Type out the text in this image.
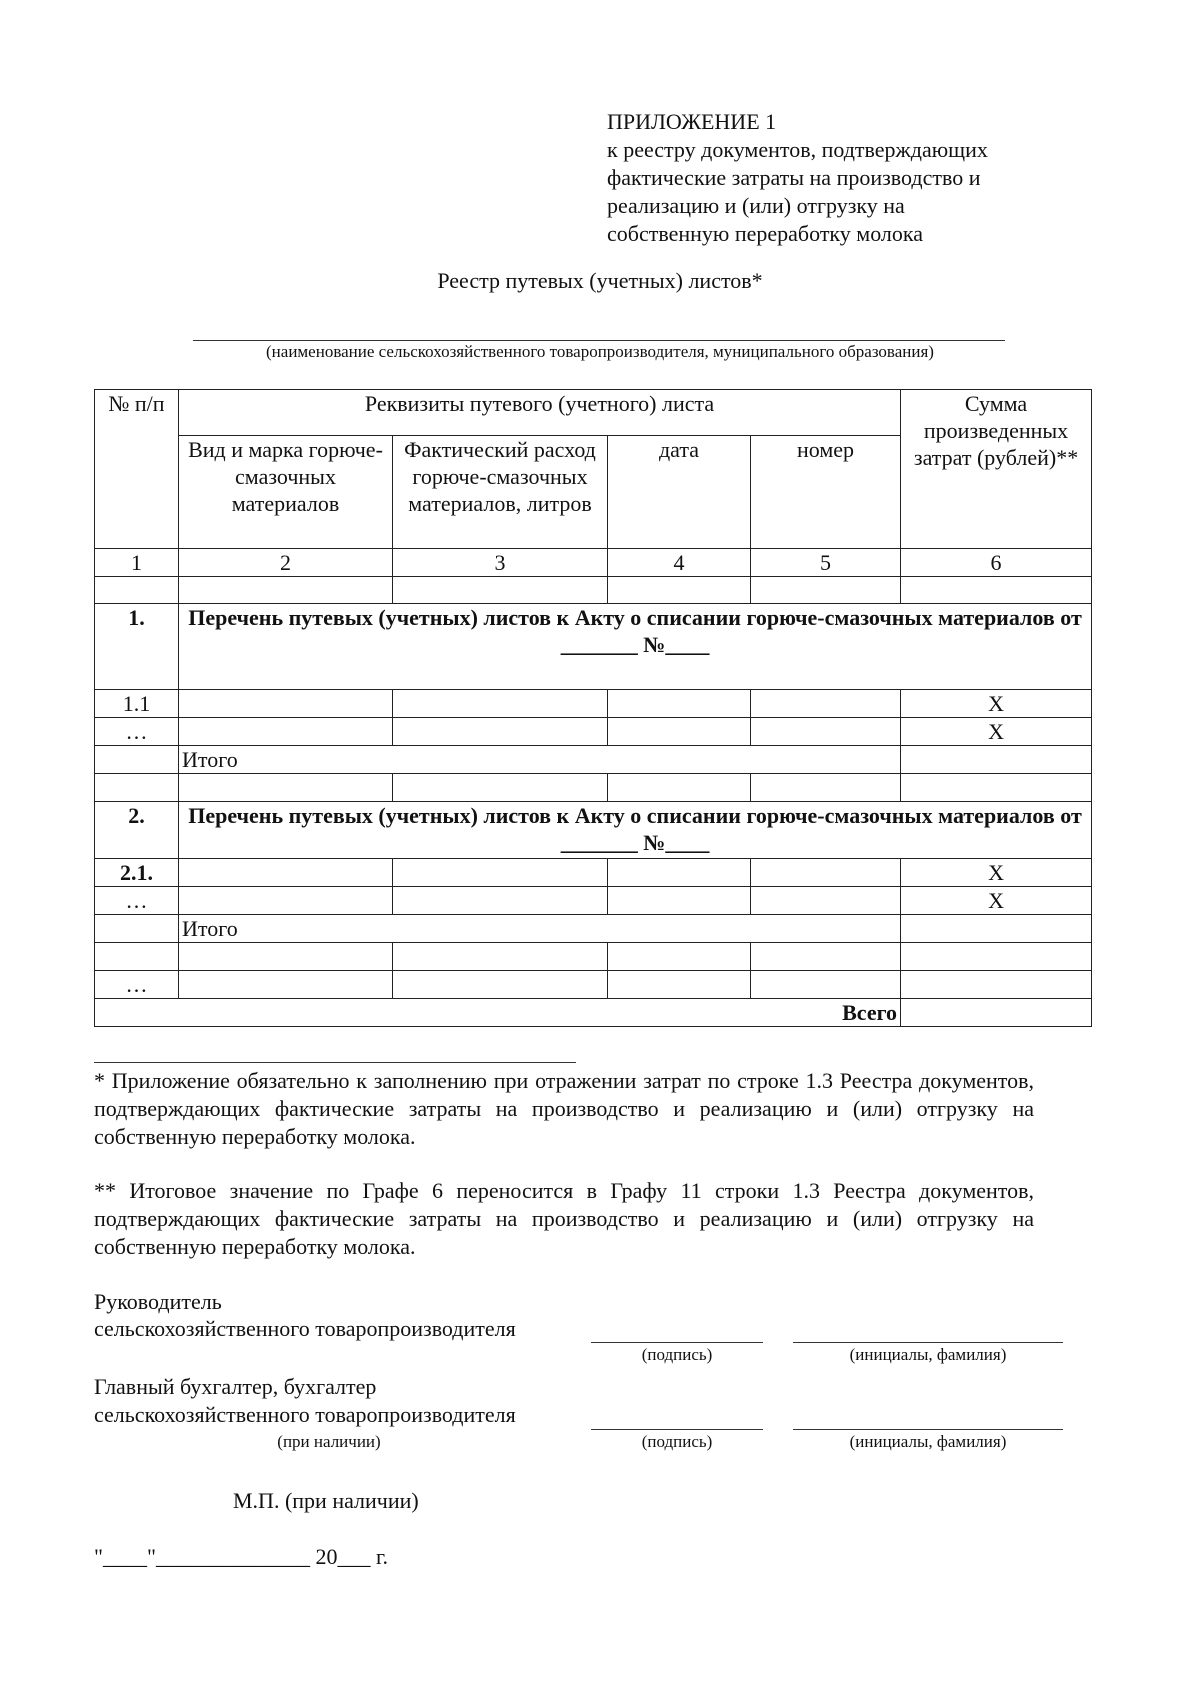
ПРИЛОЖЕНИЕ 1
к реестру документов, подтверждающих
фактические затраты на производство и
реализацию и (или) отгрузку на
собственную переработку молока
Реестр путевых (учетных) листов*
(наименование сельскохозяйственного товаропроизводителя, муниципального образования)
№ п/п	Реквизиты путевого (учетного) листа				Сумма произведенных затрат (рублей)**
	Вид и марка горюче-смазочных материалов	Фактический расход горюче-смазочных материалов, литров	дата	номер	
1	2	3	4	5	6

1.	Перечень путевых (учетных) листов к Акту о списании горюче-смазочных материалов от _______ №____				
1.1					Х
…					Х
	Итого				

2.	Перечень путевых (учетных) листов к Акту о списании горюче-смазочных материалов от _______ №____				
2.1.					Х
…					Х
	Итого				

…					
Всего					
* Приложение обязательно к заполнению при отражении затрат по строке 1.3 Реестра документов, подтверждающих фактические затраты на производство и реализацию и (или) отгрузку на собственную переработку молока.
** Итоговое значение по Графе 6 переносится в Графу 11 строки 1.3 Реестра документов, подтверждающих фактические затраты на производство и реализацию и (или) отгрузку на собственную переработку молока.
Руководитель
сельскохозяйственного товаропроизводителя
(подпись)	(инициалы, фамилия)
Главный бухгалтер, бухгалтер
сельскохозяйственного товаропроизводителя
(при наличии)	(подпись)	(инициалы, фамилия)
М.П. (при наличии)
"____"______________ 20___ г.
